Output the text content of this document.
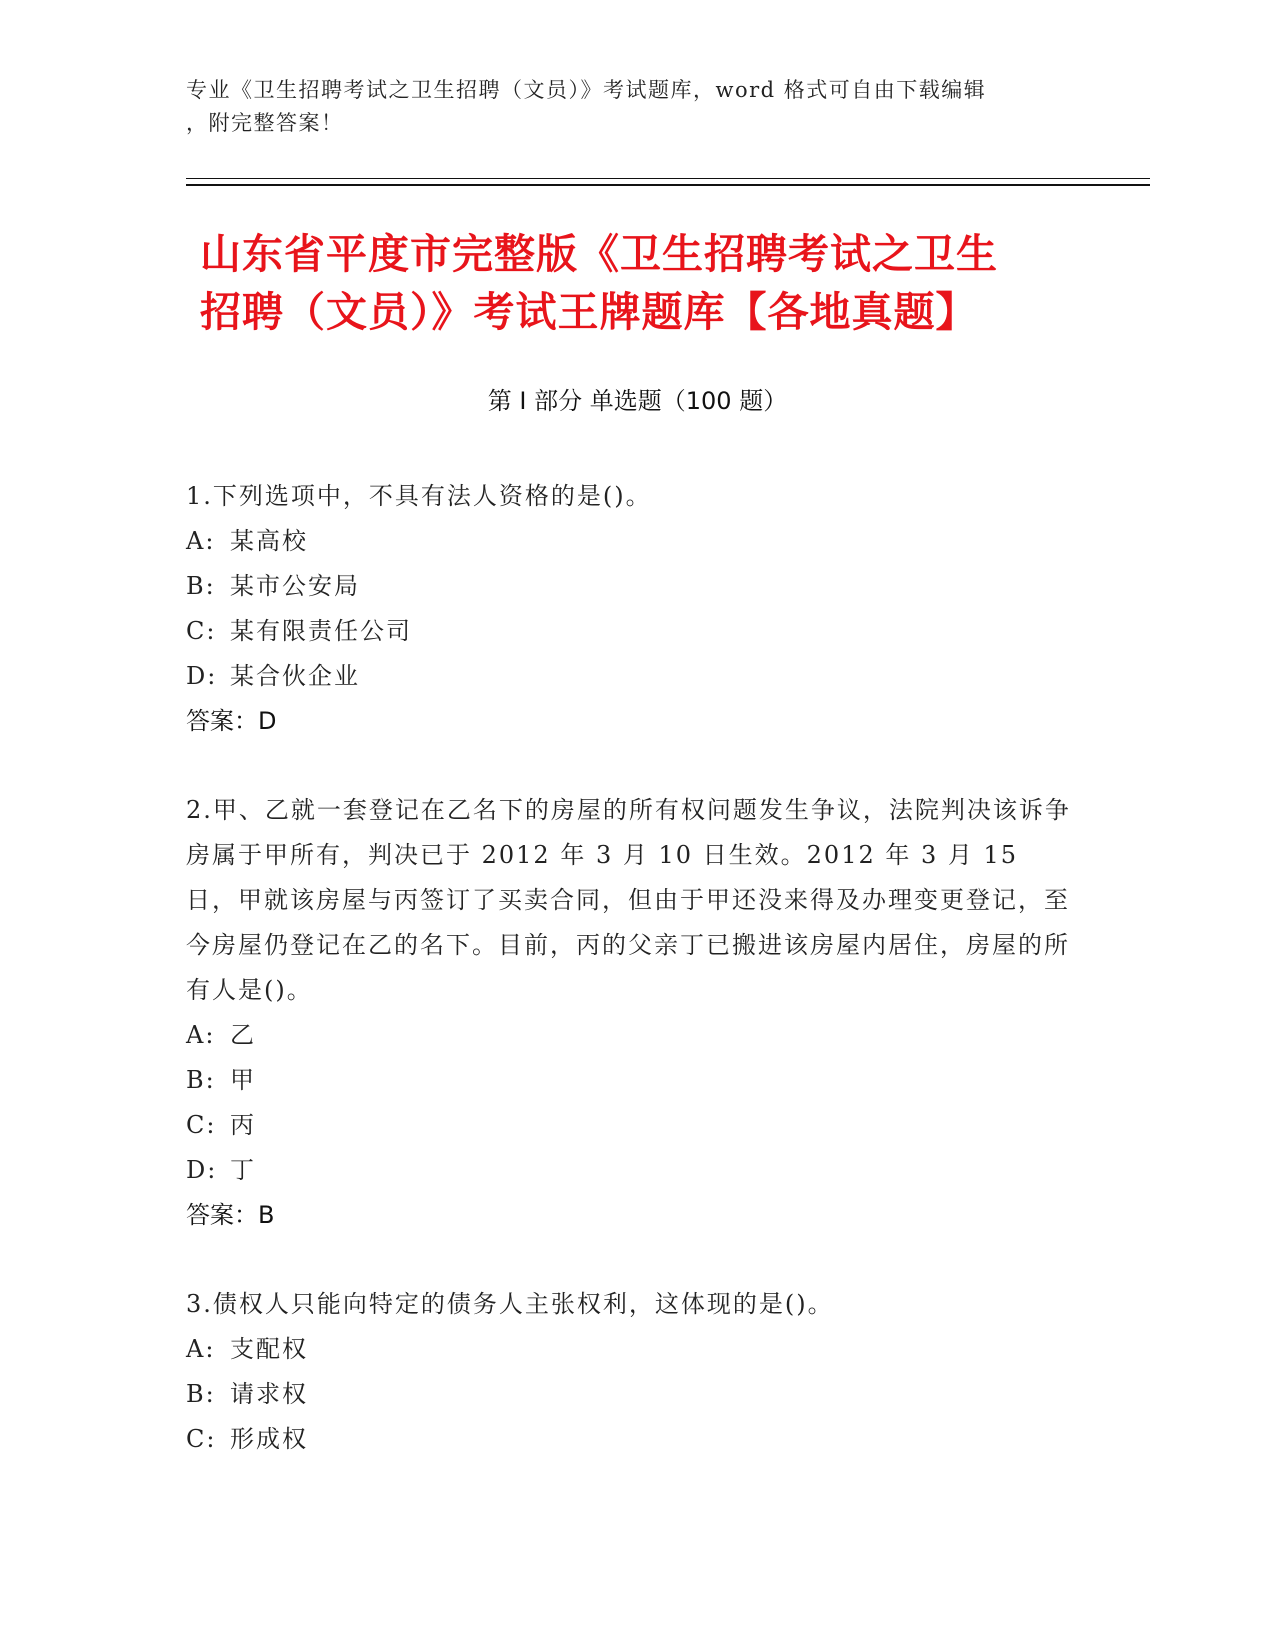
专业《卫生招聘考试之卫生招聘（文员）》考试题库，word 格式可自由下载编辑
，附完整答案！
山东省平度市完整版《卫生招聘考试之卫生
招聘（文员）》考试王牌题库【各地真题】
第 I 部分 单选题（100 题）
1.下列选项中，不具有法人资格的是()。
A: 某高校
B: 某市公安局
C: 某有限责任公司
D: 某合伙企业
答案：D
2.甲、乙就一套登记在乙名下的房屋的所有权问题发生争议，法院判决该诉争房属于甲所有，判决已于 2012 年 3 月 10 日生效。2012 年 3 月 15 日，甲就该房屋与丙签订了买卖合同，但由于甲还没来得及办理变更登记，至今房屋仍登记在乙的名下。目前，丙的父亲丁已搬进该房屋内居住，房屋的所有人是()。
A: 乙
B: 甲
C: 丙
D: 丁
答案：B
3.债权人只能向特定的债务人主张权利，这体现的是()。
A: 支配权
B: 请求权
C: 形成权
